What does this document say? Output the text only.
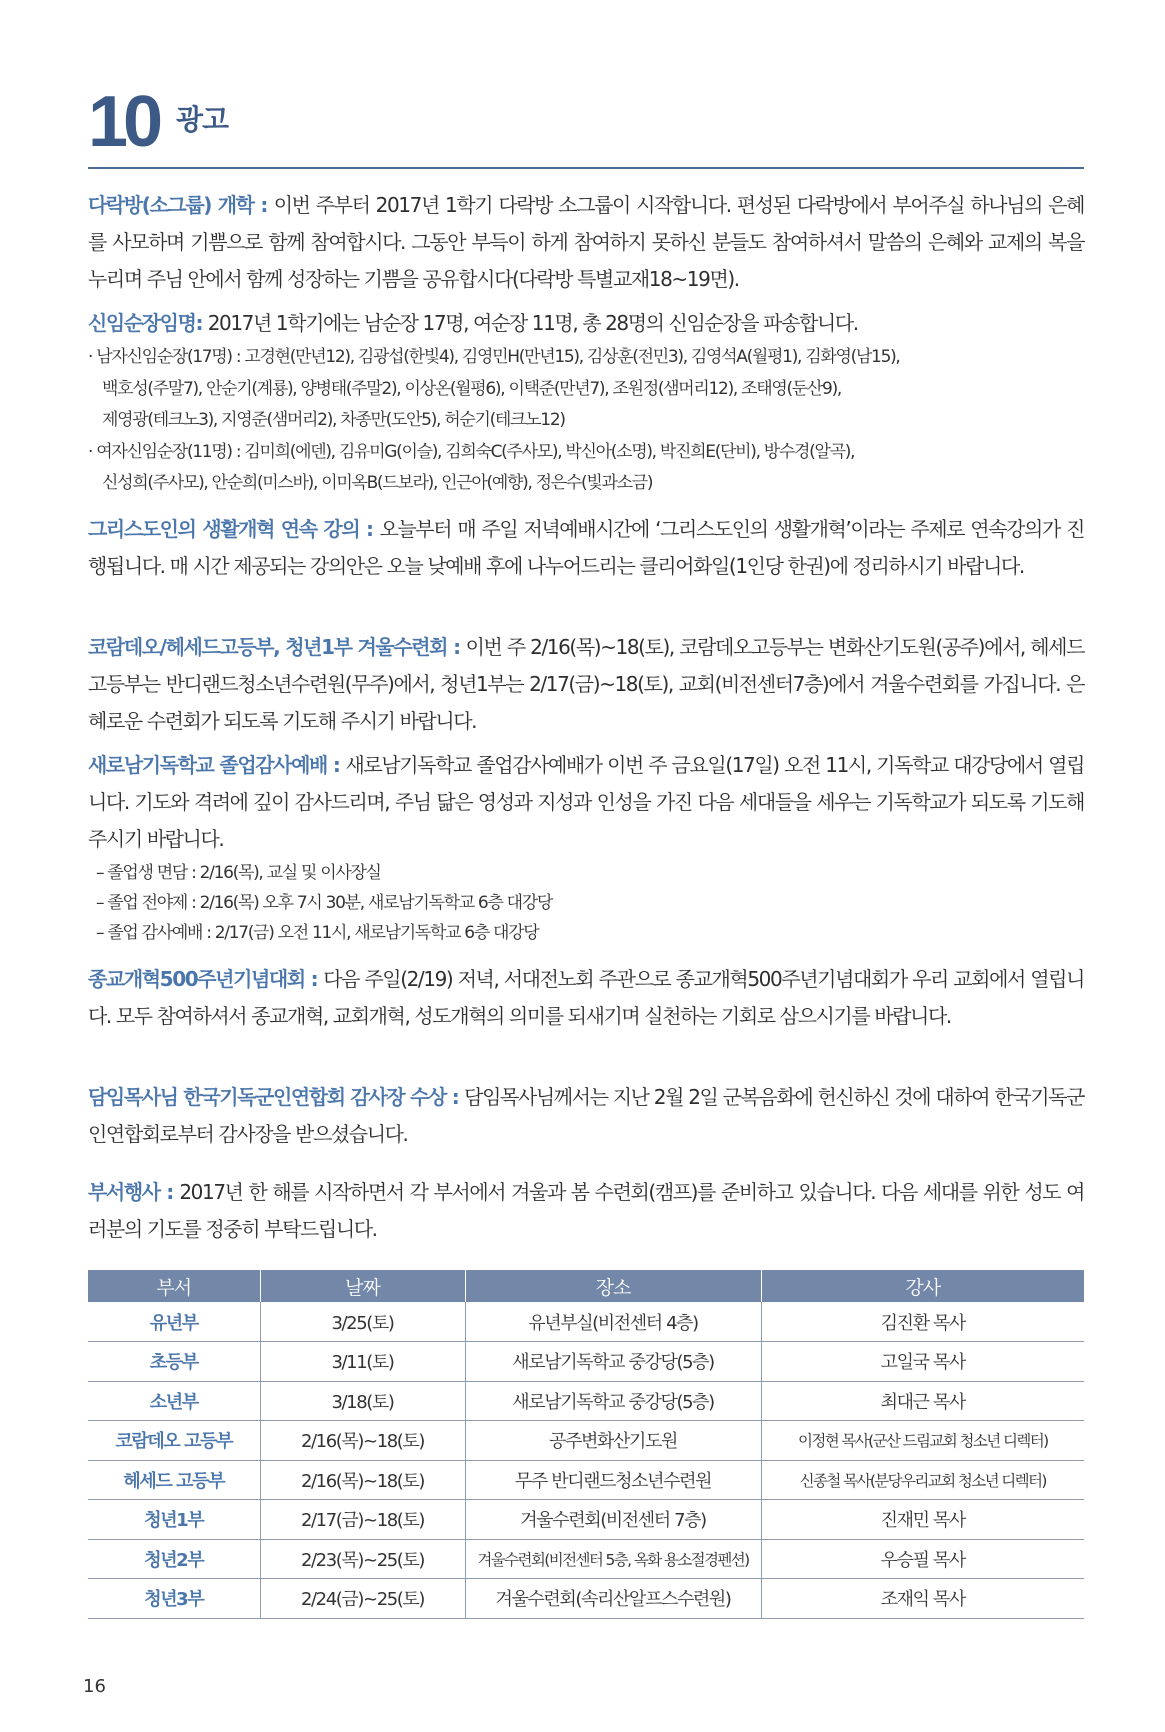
10 광고
다락방(소그룹) 개학 : 이번 주부터 2017년 1학기 다락방 소그룹이 시작합니다. 편성된 다락방에서 부어주실 하나님의 은혜를 사모하며 기쁨으로 함께 참여합시다. 그동안 부득이 하게 참여하지 못하신 분들도 참여하셔서 말씀의 은혜와 교제의 복을 누리며 주님 안에서 함께 성장하는 기쁨을 공유합시다(다락방 특별교재18~19면).
신임순장임명: 2017년 1학기에는 남순장 17명, 여순장 11명, 총 28명의 신임순장을 파송합니다.
· 남자신임순장(17명) : 고경현(만년12), 김광섭(한빛4), 김영민H(만년15), 김상훈(전민3), 김영석A(월평1), 김화영(남15),
백호성(주말7), 안순기(계룡), 양병태(주말2), 이상온(월평6), 이택준(만년7), 조원정(샘머리12), 조태영(둔산9),
제영광(테크노3), 지영준(샘머리2), 차종만(도안5), 허순기(테크노12)
· 여자신임순장(11명) : 김미희(에덴), 김유미G(이슬), 김희숙C(주사모), 박신아(소명), 박진희E(단비), 방수경(알곡),
신성희(주사모), 안순희(미스바), 이미옥B(드보라), 인근아(예향), 정은수(빛과소금)
그리스도인의 생활개혁 연속 강의 : 오늘부터 매 주일 저녁예배시간에 ‘그리스도인의 생활개혁’이라는 주제로 연속강의가 진행됩니다. 매 시간 제공되는 강의안은 오늘 낮예배 후에 나누어드리는 클리어화일(1인당 한권)에 정리하시기 바랍니다.
코람데오/헤세드고등부, 청년1부 겨울수련회 : 이번 주 2/16(목)~18(토), 코람데오고등부는 변화산기도원(공주)에서, 헤세드고등부는 반디랜드청소년수련원(무주)에서, 청년1부는 2/17(금)~18(토), 교회(비전센터7층)에서 겨울수련회를 가집니다. 은혜로운 수련회가 되도록 기도해 주시기 바랍니다.
새로남기독학교 졸업감사예배 : 새로남기독학교 졸업감사예배가 이번 주 금요일(17일) 오전 11시, 기독학교 대강당에서 열립니다. 기도와 격려에 깊이 감사드리며, 주님 닮은 영성과 지성과 인성을 가진 다음 세대들을 세우는 기독학교가 되도록 기도해 주시기 바랍니다.
– 졸업생 면담 : 2/16(목), 교실 및 이사장실
– 졸업 전야제 : 2/16(목) 오후 7시 30분, 새로남기독학교 6층 대강당
– 졸업 감사예배 : 2/17(금) 오전 11시, 새로남기독학교 6층 대강당
종교개혁500주년기념대회 : 다음 주일(2/19) 저녁, 서대전노회 주관으로 종교개혁500주년기념대회가 우리 교회에서 열립니다. 모두 참여하셔서 종교개혁, 교회개혁, 성도개혁의 의미를 되새기며 실천하는 기회로 삼으시기를 바랍니다.
담임목사님 한국기독군인연합회 감사장 수상 : 담임목사님께서는 지난 2월 2일 군복음화에 헌신하신 것에 대하여 한국기독군인연합회로부터 감사장을 받으셨습니다.
부서행사 : 2017년 한 해를 시작하면서 각 부서에서 겨울과 봄 수련회(캠프)를 준비하고 있습니다. 다음 세대를 위한 성도 여러분의 기도를 정중히 부탁드립니다.
부서	날짜	장소	강사
유년부	3/25(토)	유년부실(비전센터 4층)	김진환 목사
초등부	3/11(토)	새로남기독학교 중강당(5층)	고일국 목사
소년부	3/18(토)	새로남기독학교 중강당(5층)	최대근 목사
코람데오 고등부	2/16(목)~18(토)	공주변화산기도원	이정현 목사(군산 드림교회 청소년 디렉터)
헤세드 고등부	2/16(목)~18(토)	무주 반디랜드청소년수련원	신종철 목사(분당우리교회 청소년 디렉터)
청년1부	2/17(금)~18(토)	겨울수련회(비전센터 7층)	진재민 목사
청년2부	2/23(목)~25(토)	겨울수련회(비전센터 5층, 옥화 용소절경펜션)	우승필 목사
청년3부	2/24(금)~25(토)	겨울수련회(속리산알프스수련원)	조재익 목사
16
